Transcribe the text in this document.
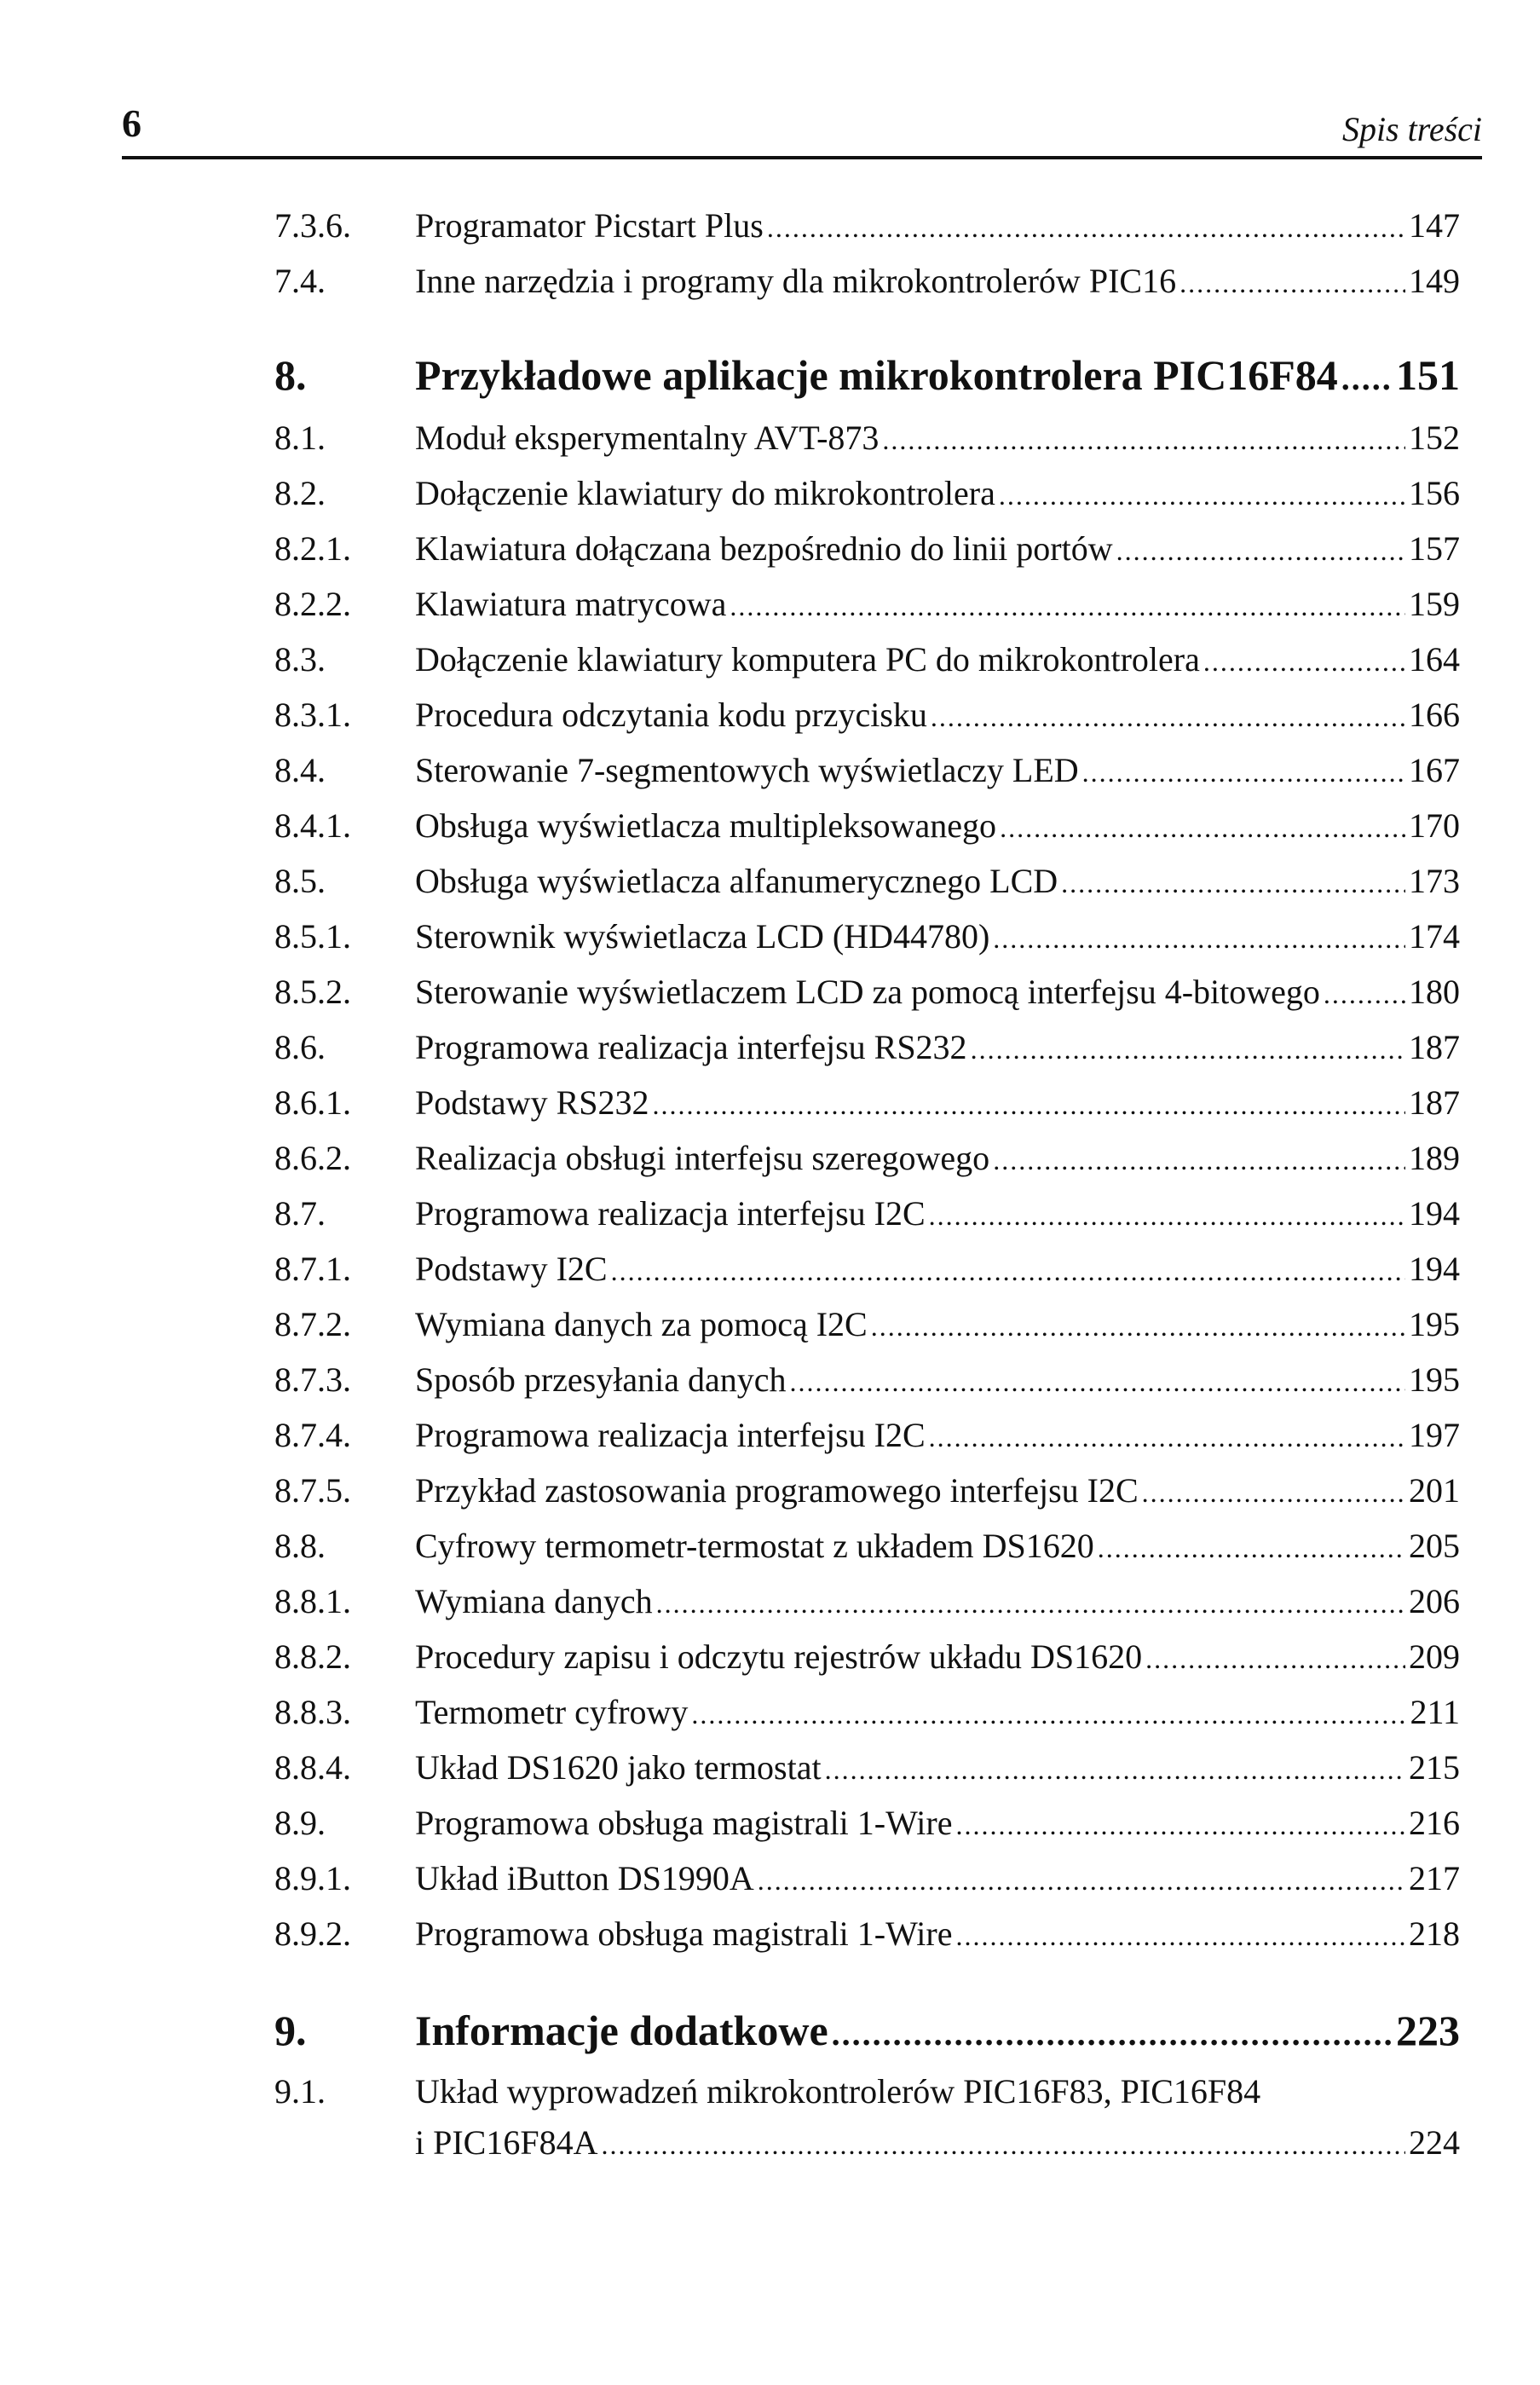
6	Spis treści
7.3.6. Programator Picstart Plus .....	147
7.4.	Inne narzędzia i programy dla mikrokontrolerów PIC16 .....	149
8.	Przykładowe aplikacje mikrokontrolera PIC16F84 ..... 151
8.1.	Moduł eksperymentalny AVT-873 .....	152
8.2.	Dołączenie klawiatury do mikrokontrolera .....	156
8.2.1. Klawiatura dołączana bezpośrednio do linii portów .....	157
8.2.2. Klawiatura matrycowa .....	159
8.3.	Dołączenie klawiatury komputera PC do mikrokontrolera .....	164
8.3.1. Procedura odczytania kodu przycisku .....	166
8.4.	Sterowanie 7-segmentowych wyświetlaczy LED .....	167
8.4.1. Obsługa wyświetlacza multipleksowanego .....	170
8.5.	Obsługa wyświetlacza alfanumerycznego LCD .....	173
8.5.1. Sterownik wyświetlacza LCD (HD44780) .....	174
8.5.2. Sterowanie wyświetlaczem LCD za pomocą interfejsu 4-bitowego .....	180
8.6.	Programowa realizacja interfejsu RS232 .....	187
8.6.1. Podstawy RS232 .....	187
8.6.2. Realizacja obsługi interfejsu szeregowego .....	189
8.7.	Programowa realizacja interfejsu I2C .....	194
8.7.1. Podstawy I2C .....	194
8.7.2. Wymiana danych za pomocą I2C .....	195
8.7.3. Sposób przesyłania danych .....	195
8.7.4. Programowa realizacja interfejsu I2C .....	197
8.7.5. Przykład zastosowania programowego interfejsu I2C .....	201
8.8.	Cyfrowy termometr-termostat z układem DS1620 .....	205
8.8.1. Wymiana danych .....	206
8.8.2. Procedury zapisu i odczytu rejestrów układu DS1620 .....	209
8.8.3. Termometr cyfrowy .....	211
8.8.4. Układ DS1620 jako termostat .....	215
8.9.	Programowa obsługa magistrali 1-Wire .....	216
8.9.1. Układ iButton DS1990A .....	217
8.9.2. Programowa obsługa magistrali 1-Wire .....	218
9.	Informacje dodatkowe .....	223
9.1.	Układ wyprowadzeń mikrokontrolerów PIC16F83, PIC16F84
i PIC16F84A .....	224
